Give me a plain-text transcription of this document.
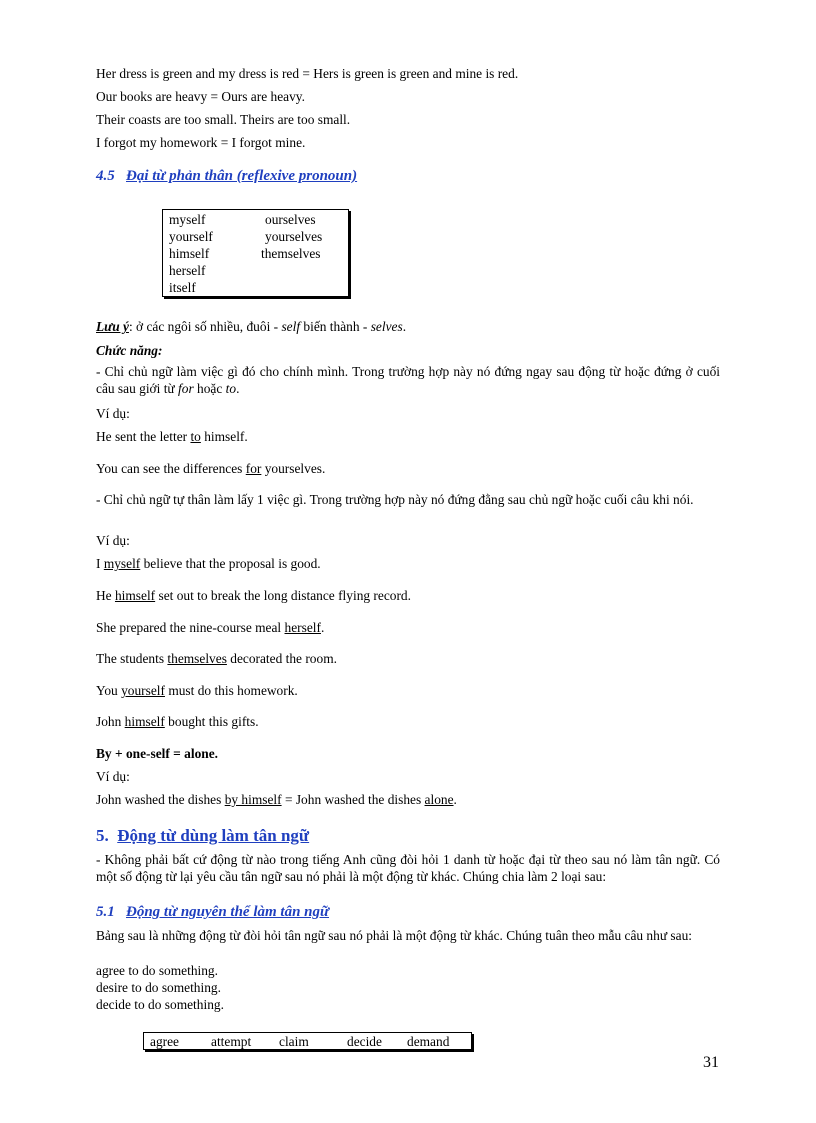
Her dress is green and my dress is red = Hers is green is green and mine is red.
Our books are heavy = Ours are heavy.
Their coasts are too small. Theirs are too small.
I forgot my homework = I forgot mine.
4.5 Đại từ phản thân (reflexive pronoun)
myself
yourself
himself
herself
itself
ourselves
yourselves
themselves
Lưu ý: ở các ngôi số nhiều, đuôi - self biến thành - selves.
Chức năng:
- Chỉ chủ ngữ làm việc gì đó cho chính mình. Trong trường hợp này nó đứng ngay sau động từ hoặc đứng ở cuối câu sau giới từ for hoặc to.
Ví dụ:
He sent the letter to himself.
You can see the differences for yourselves.
- Chỉ chủ ngữ tự thân làm lấy 1 việc gì. Trong trường hợp này nó đứng đằng sau chủ ngữ hoặc cuối câu khi nói.
Ví dụ:
I myself believe that the proposal is good.
He himself set out to break the long distance flying record.
She prepared the nine-course meal herself.
The students themselves decorated the room.
You yourself must do this homework.
John himself bought this gifts.
By + one-self = alone.
Ví dụ:
John washed the dishes by himself = John washed the dishes alone.
5. Động từ dùng làm tân ngữ
- Không phải bất cứ động từ nào trong tiếng Anh cũng đòi hỏi 1 danh từ hoặc đại từ theo sau nó làm tân ngữ. Có một số động từ lại yêu cầu tân ngữ sau nó phải là một động từ khác. Chúng chia làm 2 loại sau:
5.1 Động từ nguyên thể làm tân ngữ
Bảng sau là những động từ đòi hỏi tân ngữ sau nó phải là một động từ khác. Chúng tuân theo mẫu câu như sau:
agree to do something.
desire to do something.
decide to do something.
agree attempt claim	decide demand
31
